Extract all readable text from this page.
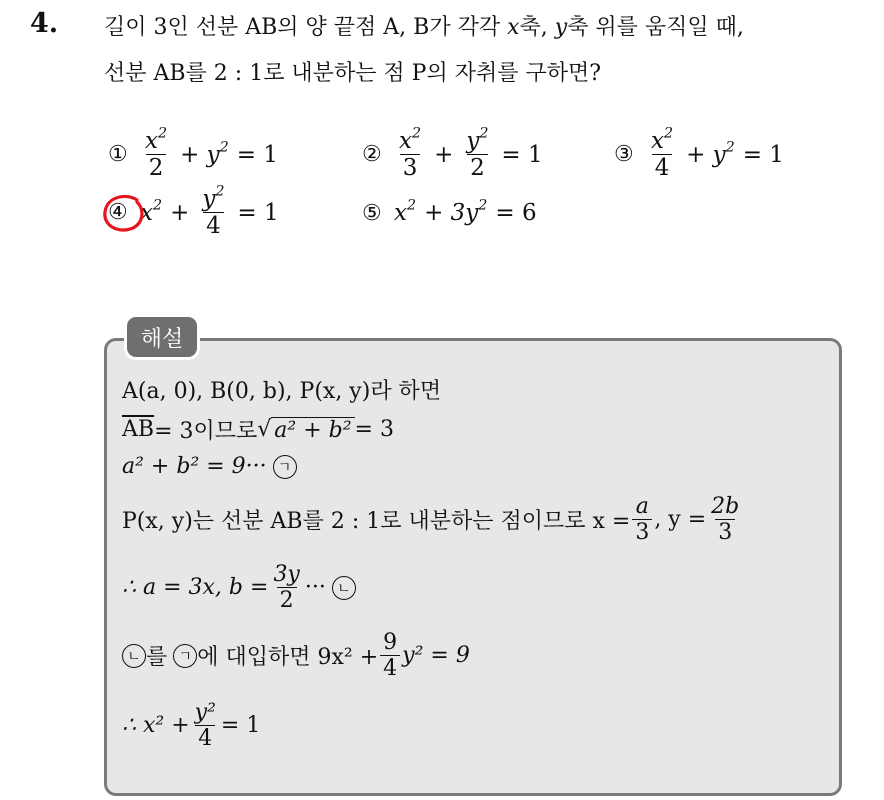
4. 길이 3인 선분 AB의 양 끝점 A, B가 각각 x축, y축 위를 움직일 때,
선분 AB를 2 : 1로 내분하는 점 P의 자취를 구하면?
① $\frac{x^2}{2} + y^2 = 1$	② $\frac{x^2}{3} + \frac{y^2}{2} = 1$	③ $\frac{x^2}{4} + y^2 = 1$
④ $x^2 + \frac{y^2}{4} = 1$	⑤ $x^2 + 3y^2 = 6$
해설
A(a, 0), B(0, b), P(x, y)라 하면
$\overline{AB} = 3$이므로 √ a² + b² = 3
a² + b² = 9··· ㄱ
P(x, y)는 선분 AB를 2 : 1로 내분하는 점이므로 $x = \frac{a}{3}$ , $y = \frac{2b}{3}$
∴ a = 3x, $b = \frac{3y}{2}$ ··· ㄴ
ㄴ 를 ㄱ 에 대입하면 $9x^2 + \frac{9}{4} y^2 = 9$
∴ $x^2 + \frac{\text{y²}}{4} = 1$
